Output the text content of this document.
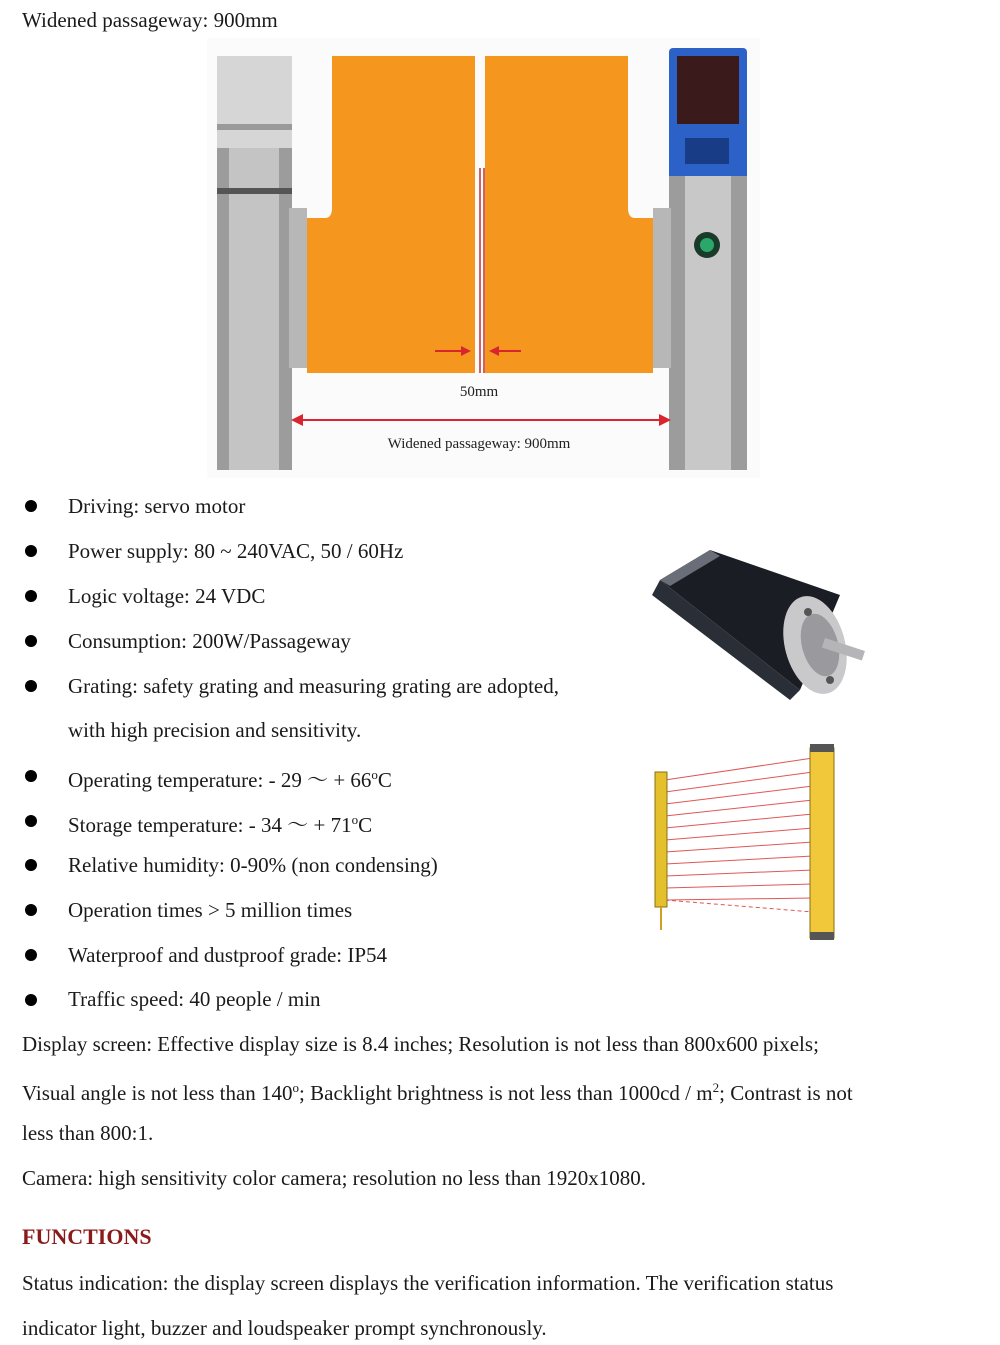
Widened passageway: 900mm
50mm
Widened passageway: 900mm
Driving: servo motor
Power supply: 80 ~ 240VAC, 50 / 60Hz
Logic voltage: 24 VDC
Consumption: 200W/Passageway
Grating: safety grating and measuring grating are adopted,
with high precision and sensitivity.
Operating temperature: - 29 ～ + $66^oC$
Storage temperature: - 34 ～ + $71^oC$
Relative humidity: 0-90% (non condensing)
Operation times > 5 million times
Waterproof and dustproof grade: IP54
Traffic speed: 40 people / min
Display screen: Effective display size is 8.4 inches; Resolution is not less than 800x600 pixels;
Visual angle is not less than 140$^o$; Backlight brightness is not less than $1000cd / m^2$; Contrast is not
less than 800:1.
Camera: high sensitivity color camera; resolution no less than 1920x1080.
FUNCTIONS
Status indication: the display screen displays the verification information. The verification status
indicator light, buzzer and loudspeaker prompt synchronously.
